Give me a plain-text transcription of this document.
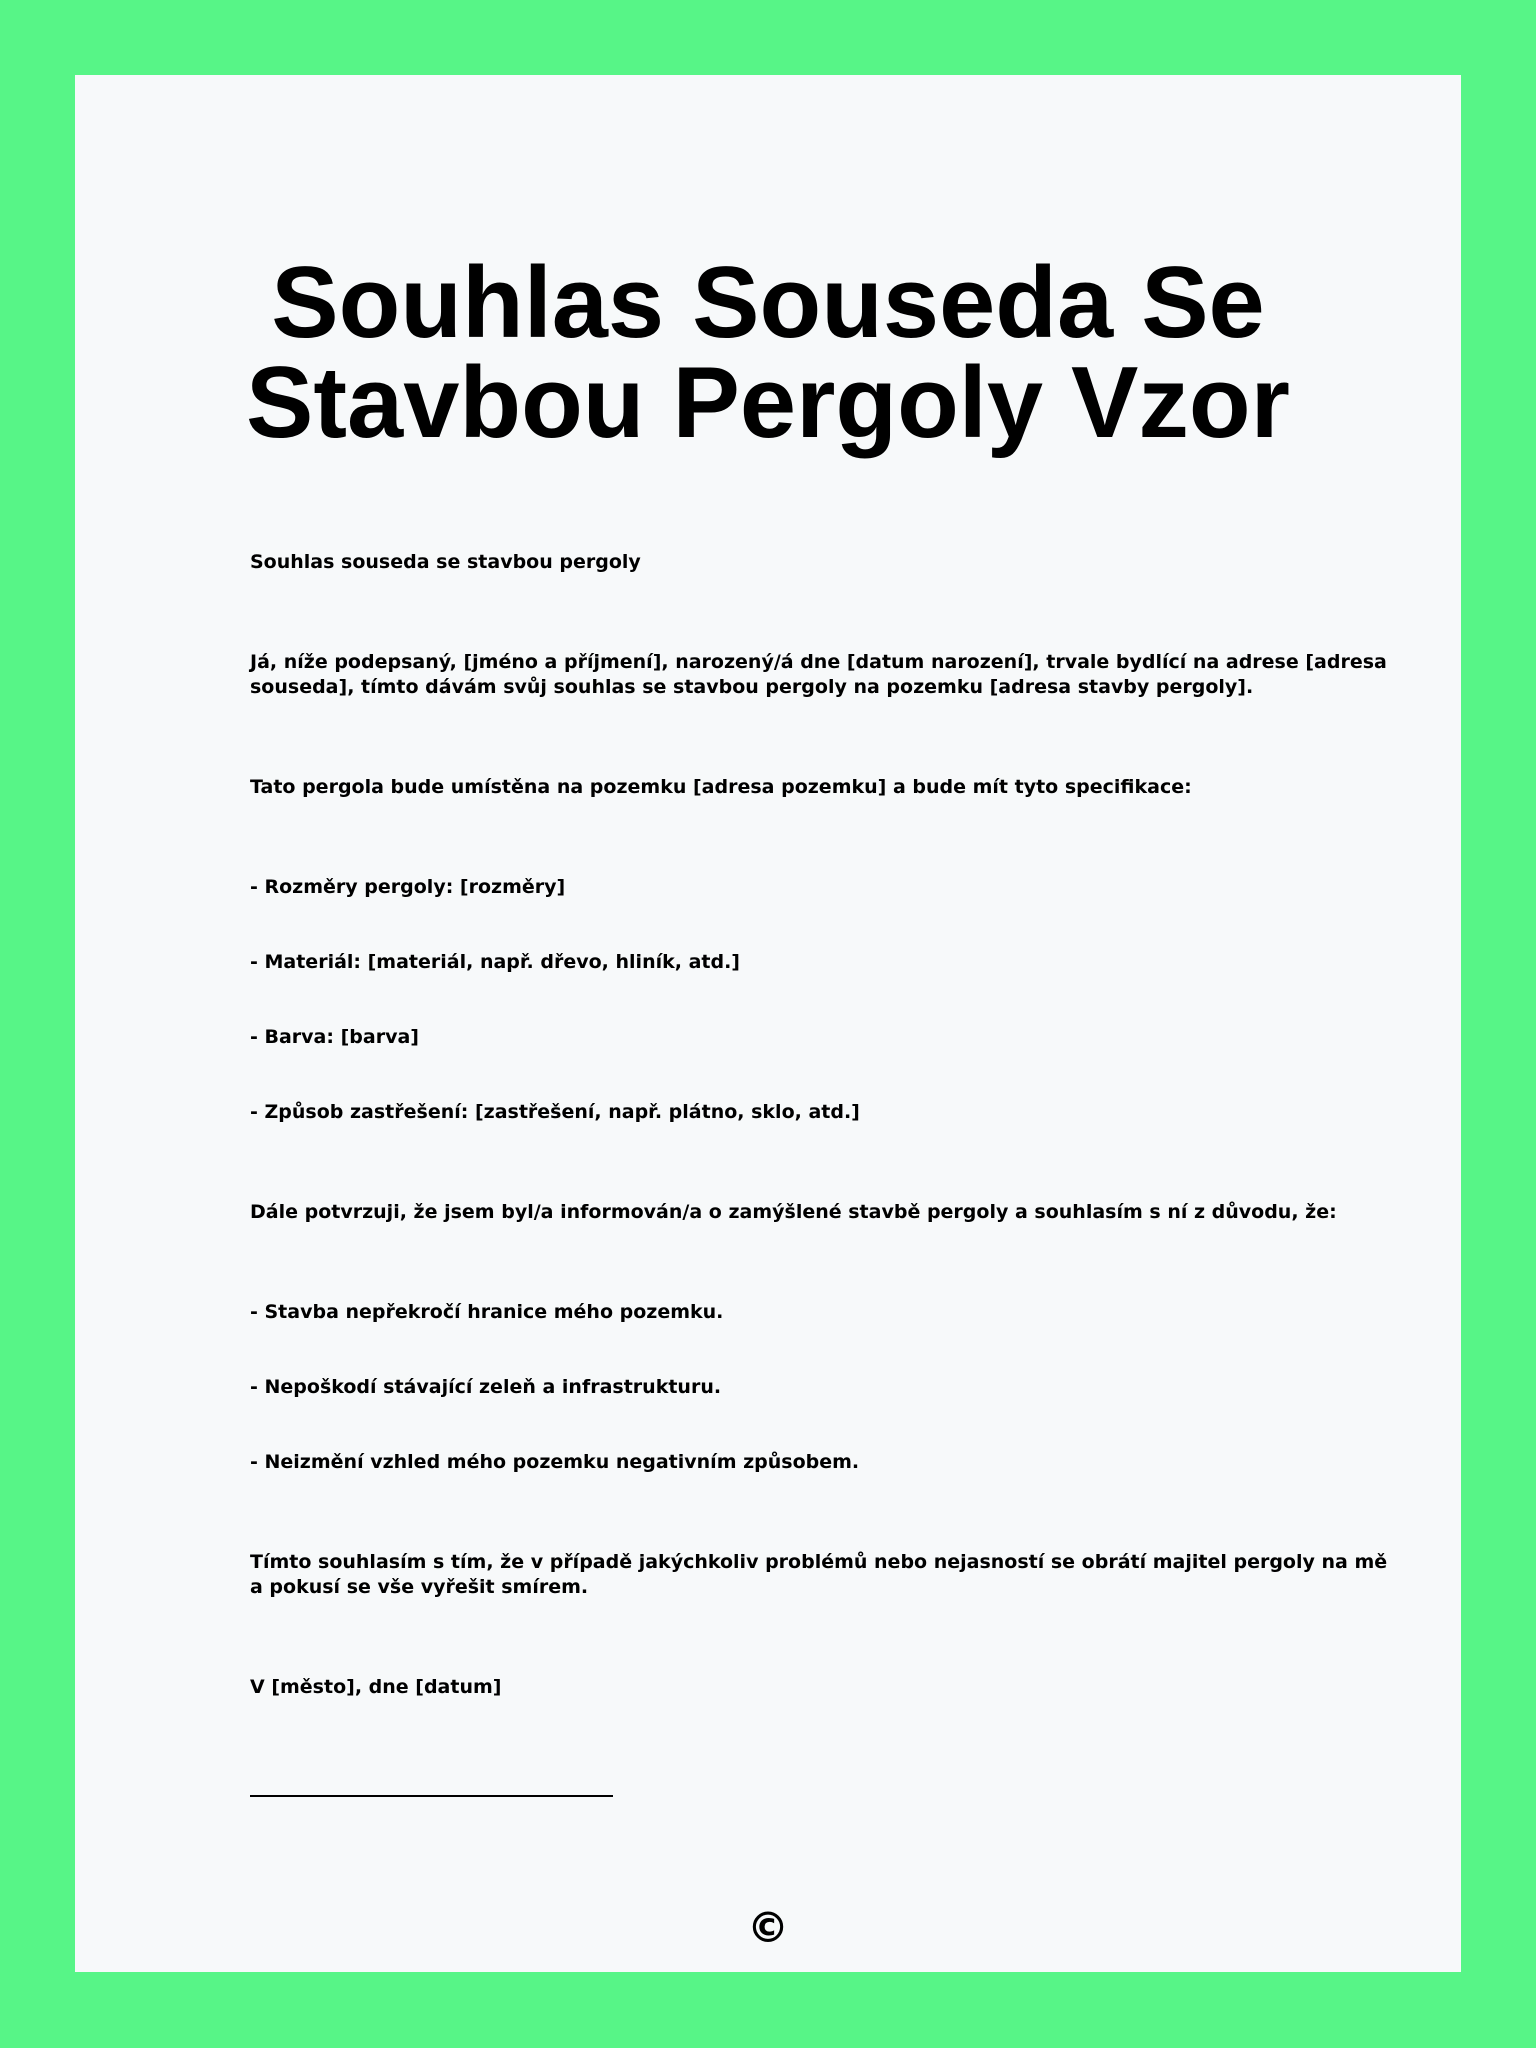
Souhlas Souseda Se
Stavbou Pergoly Vzor

Souhlas souseda se stavbou pergoly

Já, níže podepsaný, [jméno a příjmení], narozený/á dne [datum narození], trvale bydlící na adrese [adresa

souseda], tímto dávám svůj souhlas se stavbou pergoly na pozemku [adresa stavby pergoly].

Tato pergola bude umístěna na pozemku [adresa pozemku] a bude mít tyto specifikace:

- Rozměry pergoly: [rozměry]

- Materiál: [materiál, např. dřevo, hliník, atd.]

- Barva: [barva]

- Způsob zastřešení: [zastřešení, např. plátno, sklo, atd.]

Dále potvrzuji, že jsem byl/a informován/a o zamýšlené stavbě pergoly a souhlasím s ní z důvodu, že:

- Stavba nepřekročí hranice mého pozemku.

- Nepoškodí stávající zeleň a infrastrukturu.

- Neizmění vzhled mého pozemku negativním způsobem.

Tímto souhlasím s tím, že v případě jakýchkoliv problémů nebo nejasností se obrátí majitel pergoly na mě

a pokusí se vše vyřešit smírem.

V [město], dne [datum]

©
